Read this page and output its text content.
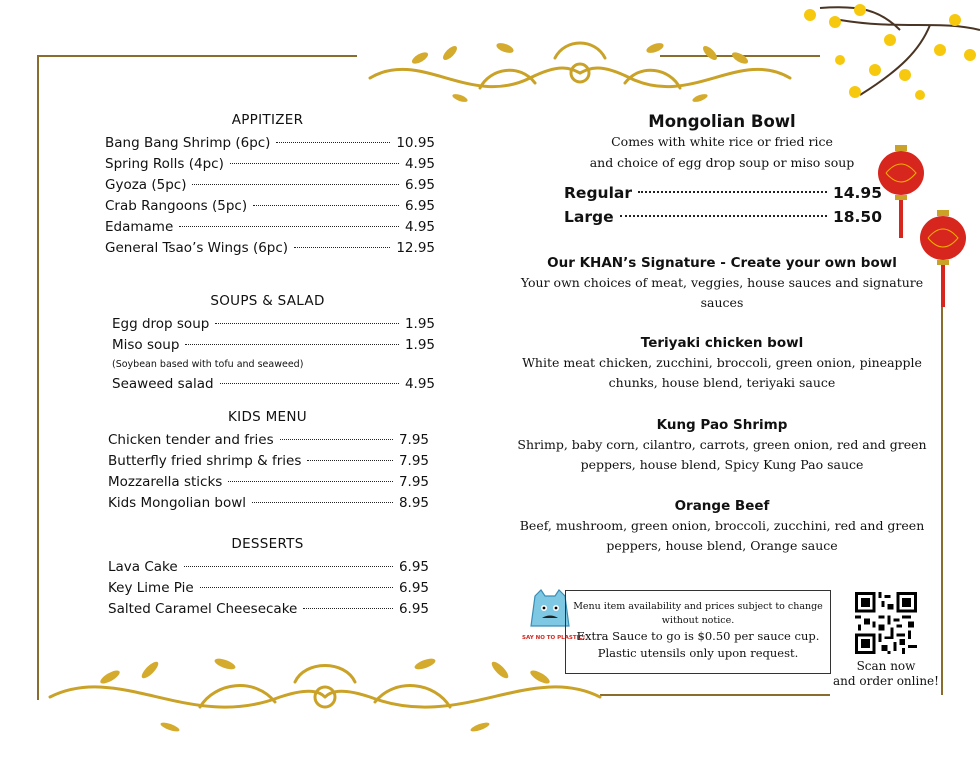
APPITIZER
Bang Bang Shrimp (6pc)	10.95
Spring Rolls (4pc)	4.95
Gyoza (5pc)	6.95
Crab Rangoons (5pc)	6.95
Edamame	4.95
General Tsao’s Wings (6pc)	12.95
SOUPS & SALAD
Egg drop soup	1.95
Miso soup	1.95
(Soybean based with tofu and seaweed)
Seaweed salad	4.95
KIDS MENU
Chicken tender and fries	7.95
Butterfly fried shrimp & fries	7.95
Mozzarella sticks	7.95
Kids Mongolian bowl	8.95
DESSERTS
Lava Cake	6.95
Key Lime Pie	6.95
Salted Caramel Cheesecake	6.95
Mongolian Bowl
Comes with white rice or fried rice
and choice of egg drop soup or miso soup
Regular	14.95
Large	18.50
Our KHAN’s Signature - Create your own bowl
Your own choices of meat, veggies, house sauces and signature
sauces
Teriyaki chicken bowl
White meat chicken, zucchini, broccoli, green onion, pineapple
chunks, house blend, teriyaki sauce
Kung Pao Shrimp
Shrimp, baby corn, cilantro, carrots, green onion, red and green
peppers, house blend, Spicy Kung Pao sauce
Orange Beef
Beef, mushroom, green onion, broccoli, zucchini, red and green
peppers, house blend, Orange sauce
SAY NO TO PLASTIC!
Menu item availability and prices subject to change
without notice.
Extra Sauce to go is $0.50 per sauce cup.
Plastic utensils only upon request.
Scan now
and order online!
